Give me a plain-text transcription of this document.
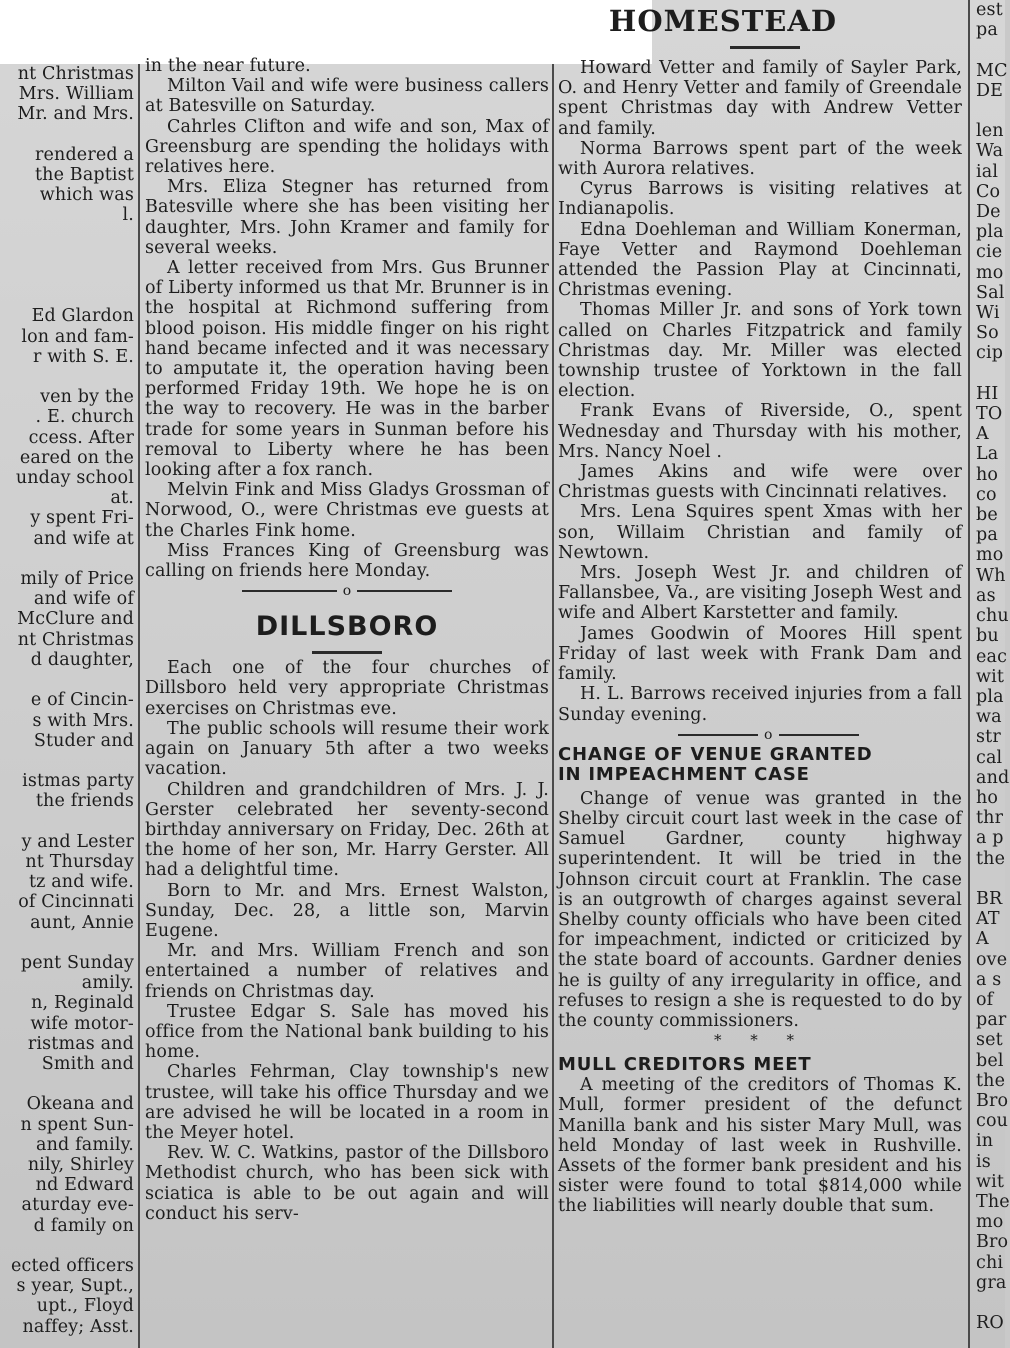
nt Christmas
Mrs. William
Mr. and Mrs.

rendered a
the Baptist
which was
l.

Ed Glardon
lon and fam-
r with S. E.

ven by the
. E. church
ccess. After
eared on the
unday school
at.
y spent Fri-
and wife at

mily of Price
and wife of
McClure and
nt Christmas
d daughter,

e of Cincin-
s with Mrs.
Studer and

istmas party
the friends

y and Lester
nt Thursday
tz and wife.
of Cincinnati
aunt, Annie

pent Sunday
amily.
n, Reginald
wife motor-
ristmas and
Smith and

Okeana and
n spent Sun-
and family.
nily, Shirley
nd Edward
aturday eve-
d family on

ected officers
s year, Supt.,
upt., Floyd
naffey; Asst.

in the near future.

Milton Vail and wife were business callers at Batesville on Saturday.

Cahrles Clifton and wife and son, Max of Greensburg are spending the holidays with relatives here.

Mrs. Eliza Stegner has returned from Batesville where she has been visiting her daughter, Mrs. John Kramer and family for several weeks.

A letter received from Mrs. Gus Brunner of Liberty informed us that Mr. Brunner is in the hospital at Richmond suffering from blood poison. His middle finger on his right hand became infected and it was necessary to amputate it, the operation having been performed Friday 19th. We hope he is on the way to recovery. He was in the barber trade for some years in Sunman before his removal to Liberty where he has been looking after a fox ranch.

Melvin Fink and Miss Gladys Grossman of Norwood, O., were Christmas eve guests at the Charles Fink home.

Miss Frances King of Greensburg was calling on friends here Monday.

o
DILLSBORO

Each one of the four churches of Dillsboro held very appropriate Christmas exercises on Christmas eve.

The public schools will resume their work again on January 5th after a two weeks vacation.

Children and grandchildren of Mrs. J. J. Gerster celebrated her seventy-second birthday anniversary on Friday, Dec. 26th at the home of her son, Mr. Harry Gerster. All had a delightful time.

Born to Mr. and Mrs. Ernest Walston, Sunday, Dec. 28, a little son, Marvin Eugene.

Mr. and Mrs. William French and son entertained a number of relatives and friends on Christmas day.

Trustee Edgar S. Sale has moved his office from the National bank building to his home.

Charles Fehrman, Clay township's new trustee, will take his office Thursday and we are advised he will be located in a room in the Meyer hotel.

Rev. W. C. Watkins, pastor of the Dillsboro Methodist church, who has been sick with sciatica is able to be out again and will conduct his serv-

HOMESTEAD

Howard Vetter and family of Sayler Park, O. and Henry Vetter and family of Greendale spent Christmas day with Andrew Vetter and family.

Norma Barrows spent part of the week with Aurora relatives.

Cyrus Barrows is visiting relatives at Indianapolis.

Edna Doehleman and William Konerman, Faye Vetter and Raymond Doehleman attended the Passion Play at Cincinnati, Christmas evening.

Thomas Miller Jr. and sons of York town called on Charles Fitzpatrick and family Christmas day. Mr. Miller was elected township trustee of Yorktown in the fall election.

Frank Evans of Riverside, O., spent Wednesday and Thursday with his mother, Mrs. Nancy Noel .

James Akins and wife were over Christmas guests with Cincinnati relatives.

Mrs. Lena Squires spent Xmas with her son, Willaim Christian and family of Newtown.

Mrs. Joseph West Jr. and children of Fallansbee, Va., are visiting Joseph West and wife and Albert Karstetter and family.

James Goodwin of Moores Hill spent Friday of last week with Frank Dam and family.

H. L. Barrows received injuries from a fall Sunday evening.

o
CHANGE OF VENUE GRANTED
IN IMPEACHMENT CASE

Change of venue was granted in the Shelby circuit court last week in the case of Samuel Gardner, county highway superintendent. It will be tried in the Johnson circuit court at Franklin. The case is an outgrowth of charges against several Shelby county officials who have been cited for impeachment, indicted or criticized by the state board of accounts. Gardner denies he is guilty of any irregularity in office, and refuses to resign a she is requested to do by the county commissioners.

* * *
MULL CREDITORS MEET

A meeting of the creditors of Thomas K. Mull, former president of the defunct Manilla bank and his sister Mary Mull, was held Monday of last week in Rushville. Assets of the former bank president and his sister were found to total $814,000 while the liabilities will nearly double that sum.

est
pa

MC
DE

len
Wa
ial
Co
De
pla
cie
mo
Sal
Wi
So
cip

HI
TO
A
La
ho
co
be
pa
mo
Wh
as
chu
bu
eac
wit
pla
wa
str
cal
and
ho
thr
a p
the

BR
AT
A
ove
a s
of
par
set
bel
the
Bro
cou
in
is
wit
The
mo
Bro
chi
gra

RO
